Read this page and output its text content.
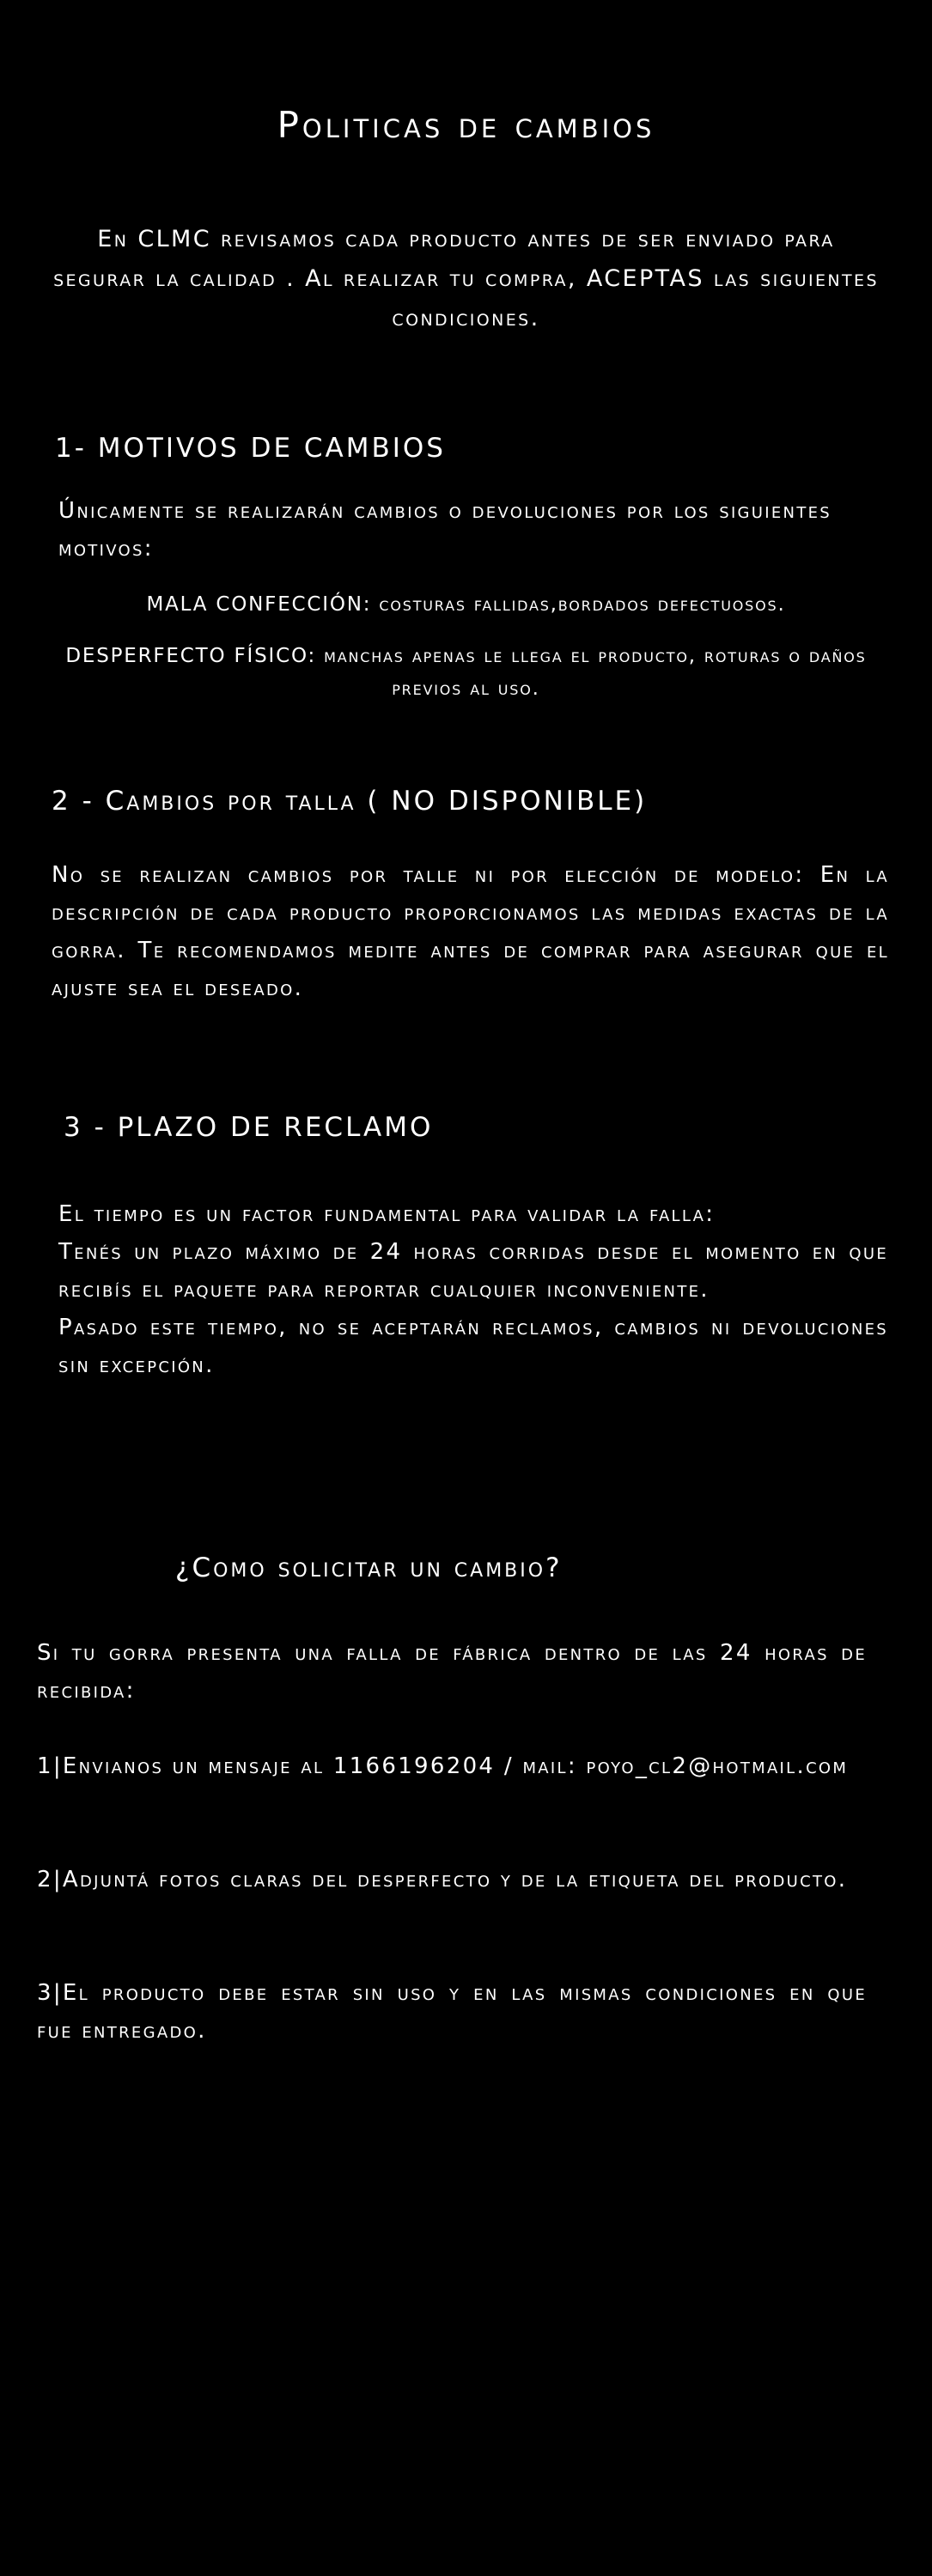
Politicas de cambios
En CLMC revisamos cada producto antes de ser enviado para segurar la calidad . Al realizar tu compra, ACEPTAS las siguientes condiciones.
1- MOTIVOS DE CAMBIOS
Únicamente se realizarán cambios o devoluciones por los siguientes motivos:
MALA CONFECCIÓN: costuras fallidas,bordados defectuosos.
DESPERFECTO FÍSICO: manchas apenas le llega el producto, roturas o daños previos al uso.
2 - Cambios por talla ( NO DISPONIBLE)
No se realizan cambios por talle ni por elección de modelo: En la descripción de cada producto proporcionamos las medidas exactas de la gorra. Te recomendamos medite antes de comprar para asegurar que el ajuste sea el deseado.
3 - PLAZO DE RECLAMO
El tiempo es un factor fundamental para validar la falla:
Tenés un plazo máximo de 24 horas corridas desde el momento en que recibís el paquete para reportar cualquier inconveniente.
Pasado este tiempo, no se aceptarán reclamos, cambios ni devoluciones sin excepción.
¿Como solicitar un cambio?
Si tu gorra presenta una falla de fábrica dentro de las 24 horas de recibida:
1|Envianos un mensaje al 1166196204 / mail: poyo_cl2@hotmail.com
2|Adjuntá fotos claras del desperfecto y de la etiqueta del producto.
3|El producto debe estar sin uso y en las mismas condiciones en que fue entregado.
